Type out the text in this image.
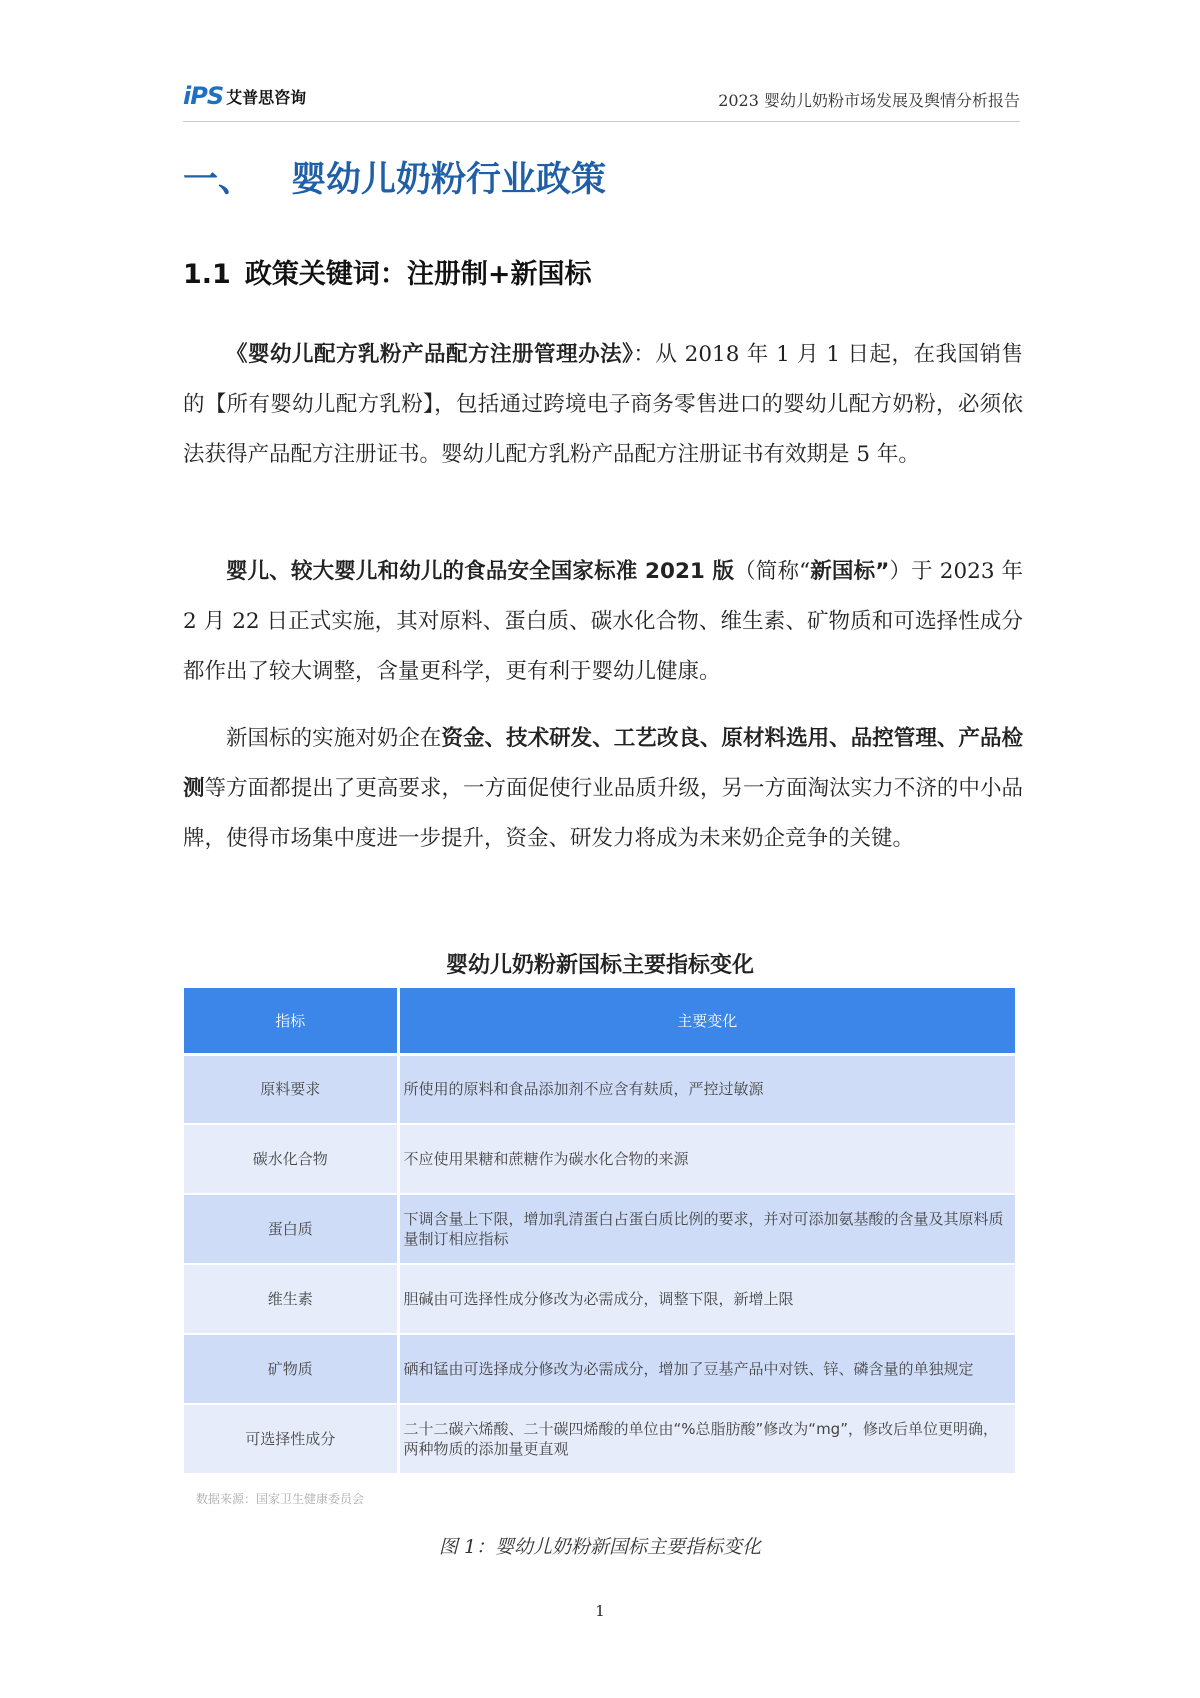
iPS 艾普思咨询	2023 婴幼儿奶粉市场发展及舆情分析报告
一、 婴幼儿奶粉行业政策
1.1 政策关键词：注册制+新国标

《婴幼儿配方乳粉产品配方注册管理办法》：从 2018 年 1 月 1 日起，在我国销售的【所有婴幼儿配方乳粉】，包括通过跨境电子商务零售进口的婴幼儿配方奶粉，必须依法获得产品配方注册证书。婴幼儿配方乳粉产品配方注册证书有效期是 5 年。

婴儿、较大婴儿和幼儿的食品安全国家标准 2021 版（简称“新国标”）于 2023 年 2 月 22 日正式实施，其对原料、蛋白质、碳水化合物、维生素、矿物质和可选择性成分都作出了较大调整，含量更科学，更有利于婴幼儿健康。

新国标的实施对奶企在资金、技术研发、工艺改良、原材料选用、品控管理、产品检测等方面都提出了更高要求，一方面促使行业品质升级，另一方面淘汰实力不济的中小品牌，使得市场集中度进一步提升，资金、研发力将成为未来奶企竞争的关键。

婴幼儿奶粉新国标主要指标变化
指标	主要变化
原料要求	所使用的原料和食品添加剂不应含有麸质，严控过敏源
碳水化合物	不应使用果糖和蔗糖作为碳水化合物的来源
蛋白质	下调含量上下限，增加乳清蛋白占蛋白质比例的要求，并对可添加氨基酸的含量及其原料质量制订相应指标
维生素	胆碱由可选择性成分修改为必需成分，调整下限，新增上限
矿物质	硒和锰由可选择成分修改为必需成分，增加了豆基产品中对铁、锌、磷含量的单独规定
可选择性成分	二十二碳六烯酸、二十碳四烯酸的单位由“%总脂肪酸”修改为“mg”，修改后单位更明确，两种物质的添加量更直观
数据来源：国家卫生健康委员会
图 1：婴幼儿奶粉新国标主要指标变化
1
